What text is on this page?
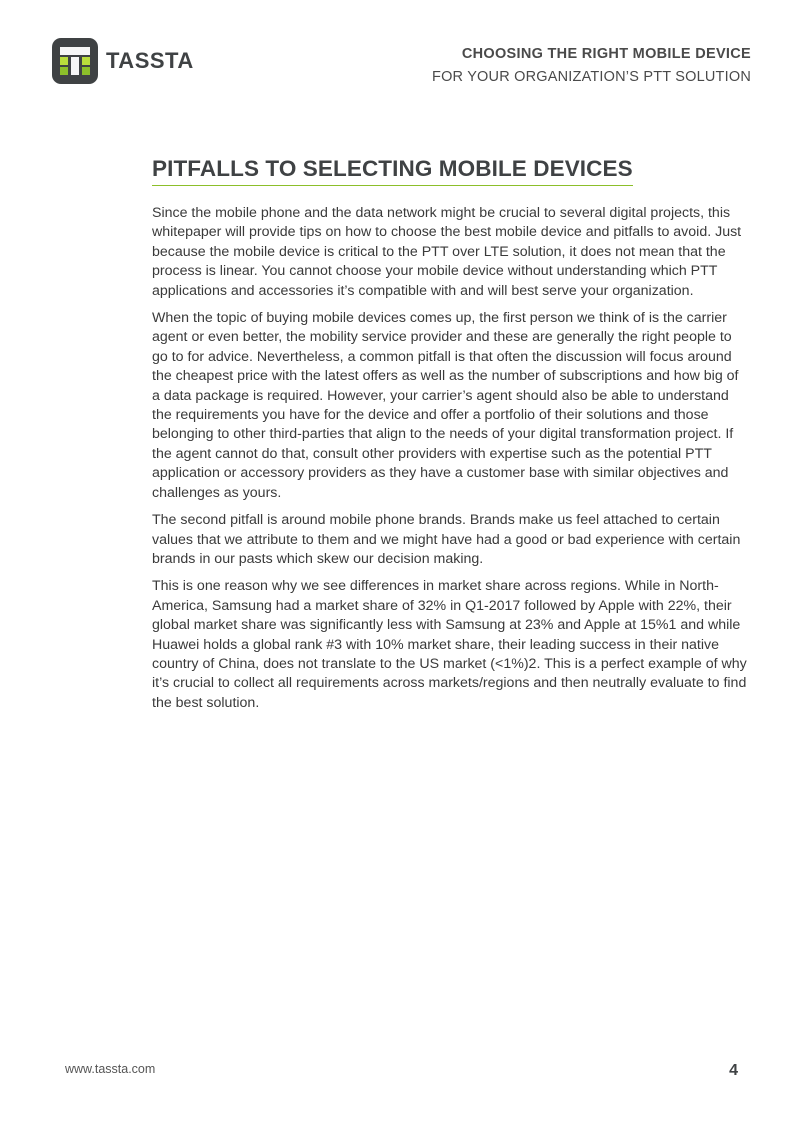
TASSTA	CHOOSING THE RIGHT MOBILE DEVICE
FOR YOUR ORGANIZATION’S PTT SOLUTION
PITFALLS TO SELECTING MOBILE DEVICES

Since the mobile phone and the data network might be crucial to several digital projects, this whitepaper will provide tips on how to choose the best mobile device and pitfalls to avoid. Just because the mobile device is critical to the PTT over LTE solution, it does not mean that the process is linear. You cannot choose your mobile device without understanding which PTT applications and accessories it’s compatible with and will best serve your organization.

When the topic of buying mobile devices comes up, the first person we think of is the carrier agent or even better, the mobility service provider and these are generally the right people to go to for advice. Nevertheless, a common pitfall is that often the discussion will focus around the cheapest price with the latest offers as well as the number of subscriptions and how big of a data package is required. However, your carrier’s agent should also be able to understand the requirements you have for the device and offer a portfolio of their solutions and those belonging to other third-parties that align to the needs of your digital transformation project. If the agent cannot do that, consult other providers with expertise such as the potential PTT application or accessory providers as they have a customer base with similar objectives and challenges as yours.

The second pitfall is around mobile phone brands. Brands make us feel attached to certain values that we attribute to them and we might have had a good or bad experience with certain brands in our pasts which skew our decision making.

This is one reason why we see differences in market share across regions. While in North-America, Samsung had a market share of 32% in Q1-2017 followed by Apple with 22%, their global market share was significantly less with Samsung at 23% and Apple at 15%1 and while Huawei holds a global rank #3 with 10% market share, their leading success in their native country of China, does not translate to the US market (<1%)2. This is a perfect example of why it’s crucial to collect all requirements across markets/regions and then neutrally evaluate to find the best solution.

www.tassta.com	4
